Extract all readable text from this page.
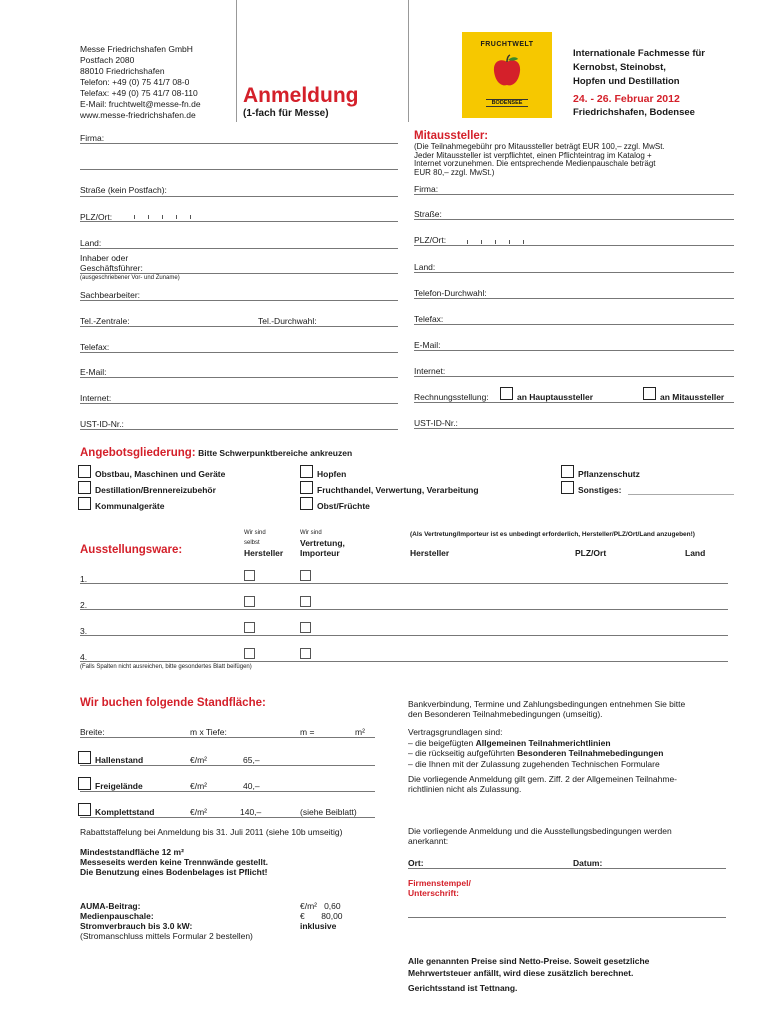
Messe Friedrichshafen GmbH
Postfach 2080
88010 Friedrichshafen
Telefon: +49 (0) 75 41/7 08-0
Telefax: +49 (0) 75 41/7 08-110
E-Mail: fruchtwelt@messe-fn.de
www.messe-friedrichshafen.de
Anmeldung
(1-fach für Messe)
FRUCHTWELT
BODENSEE
Internationale Fachmesse für
Kernobst, Steinobst,
Hopfen und Destillation
24. - 26. Februar 2012
Friedrichshafen, Bodensee
Firma:
Straße (kein Postfach):
PLZ/Ort:
Land:
Inhaber oder
Geschäftsführer:
(ausgeschriebener Vor- und Zuname)
Sachbearbeiter:
Tel.-Zentrale:	Tel.-Durchwahl:
Telefax:
E-Mail:
Internet:
UST-ID-Nr.:
Mitaussteller:
(Die Teilnahmegebühr pro Mitaussteller beträgt EUR 100,– zzgl. MwSt.
Jeder Mitaussteller ist verpflichtet, einen Pflichteintrag im Katalog +
Internet vorzunehmen. Die entsprechende Medienpauschale beträgt
EUR 80,– zzgl. MwSt.)
Firma:
Straße:
PLZ/Ort:
Land:
Telefon-Durchwahl:
Telefax:
E-Mail:
Internet:
Rechnungsstellung:	an Hauptaussteller	an Mitaussteller
UST-ID-Nr.:
Angebotsgliederung: Bitte Schwerpunktbereiche ankreuzen
Obstbau, Maschinen und Geräte
Destillation/Brennereizubehör
Kommunalgeräte
Hopfen
Fruchthandel, Verwertung, Verarbeitung
Obst/Früchte
Pflanzenschutz
Sonstiges:
Wir sind
selbst
Hersteller
Wir sind
Vertretung,
Importeur
(Als Vertretung/Importeur ist es unbedingt erforderlich, Hersteller/PLZ/Ort/Land anzugeben!)
Ausstellungsware:	Hersteller	PLZ/Ort	Land
1.
2.
3.
4.
(Falls Spalten nicht ausreichen, bitte gesondertes Blatt beifügen)
Wir buchen folgende Standfläche:
Breite:	m x Tiefe:	m =	m²
Hallenstand	€/m²	65,–
Freigelände	€/m²	40,–
Komplettstand	€/m²	140,–	(siehe Beiblatt)
Rabattstaffelung bei Anmeldung bis 31. Juli 2011 (siehe 10b umseitig)
Mindeststandfläche 12 m²
Messeseits werden keine Trennwände gestellt.
Die Benutzung eines Bodenbelages ist Pflicht!
AUMA-Beitrag:	€/m²   0,60
Medienpauschale:	€       80,00
Stromverbrauch bis 3.0 kW:	inklusive
(Stromanschluss mittels Formular 2 bestellen)
Bankverbindung, Termine und Zahlungsbedingungen entnehmen Sie bitte
den Besonderen Teilnahmebedingungen (umseitig).
Vertragsgrundlagen sind:
– die beigefügten Allgemeinen Teilnahmerichtlinien
– die rückseitig aufgeführten Besonderen Teilnahmebedingungen
– die Ihnen mit der Zulassung zugehenden Technischen Formulare
Die vorliegende Anmeldung gilt gem. Ziff. 2 der Allgemeinen Teilnahme-
richtlinien nicht als Zulassung.
Die vorliegende Anmeldung und die Ausstellungsbedingungen werden
anerkannt:
Ort:	Datum:
Firmenstempel/
Unterschrift:
Alle genannten Preise sind Netto-Preise. Soweit gesetzliche
Mehrwertsteuer anfällt, wird diese zusätzlich berechnet.
Gerichtsstand ist Tettnang.
